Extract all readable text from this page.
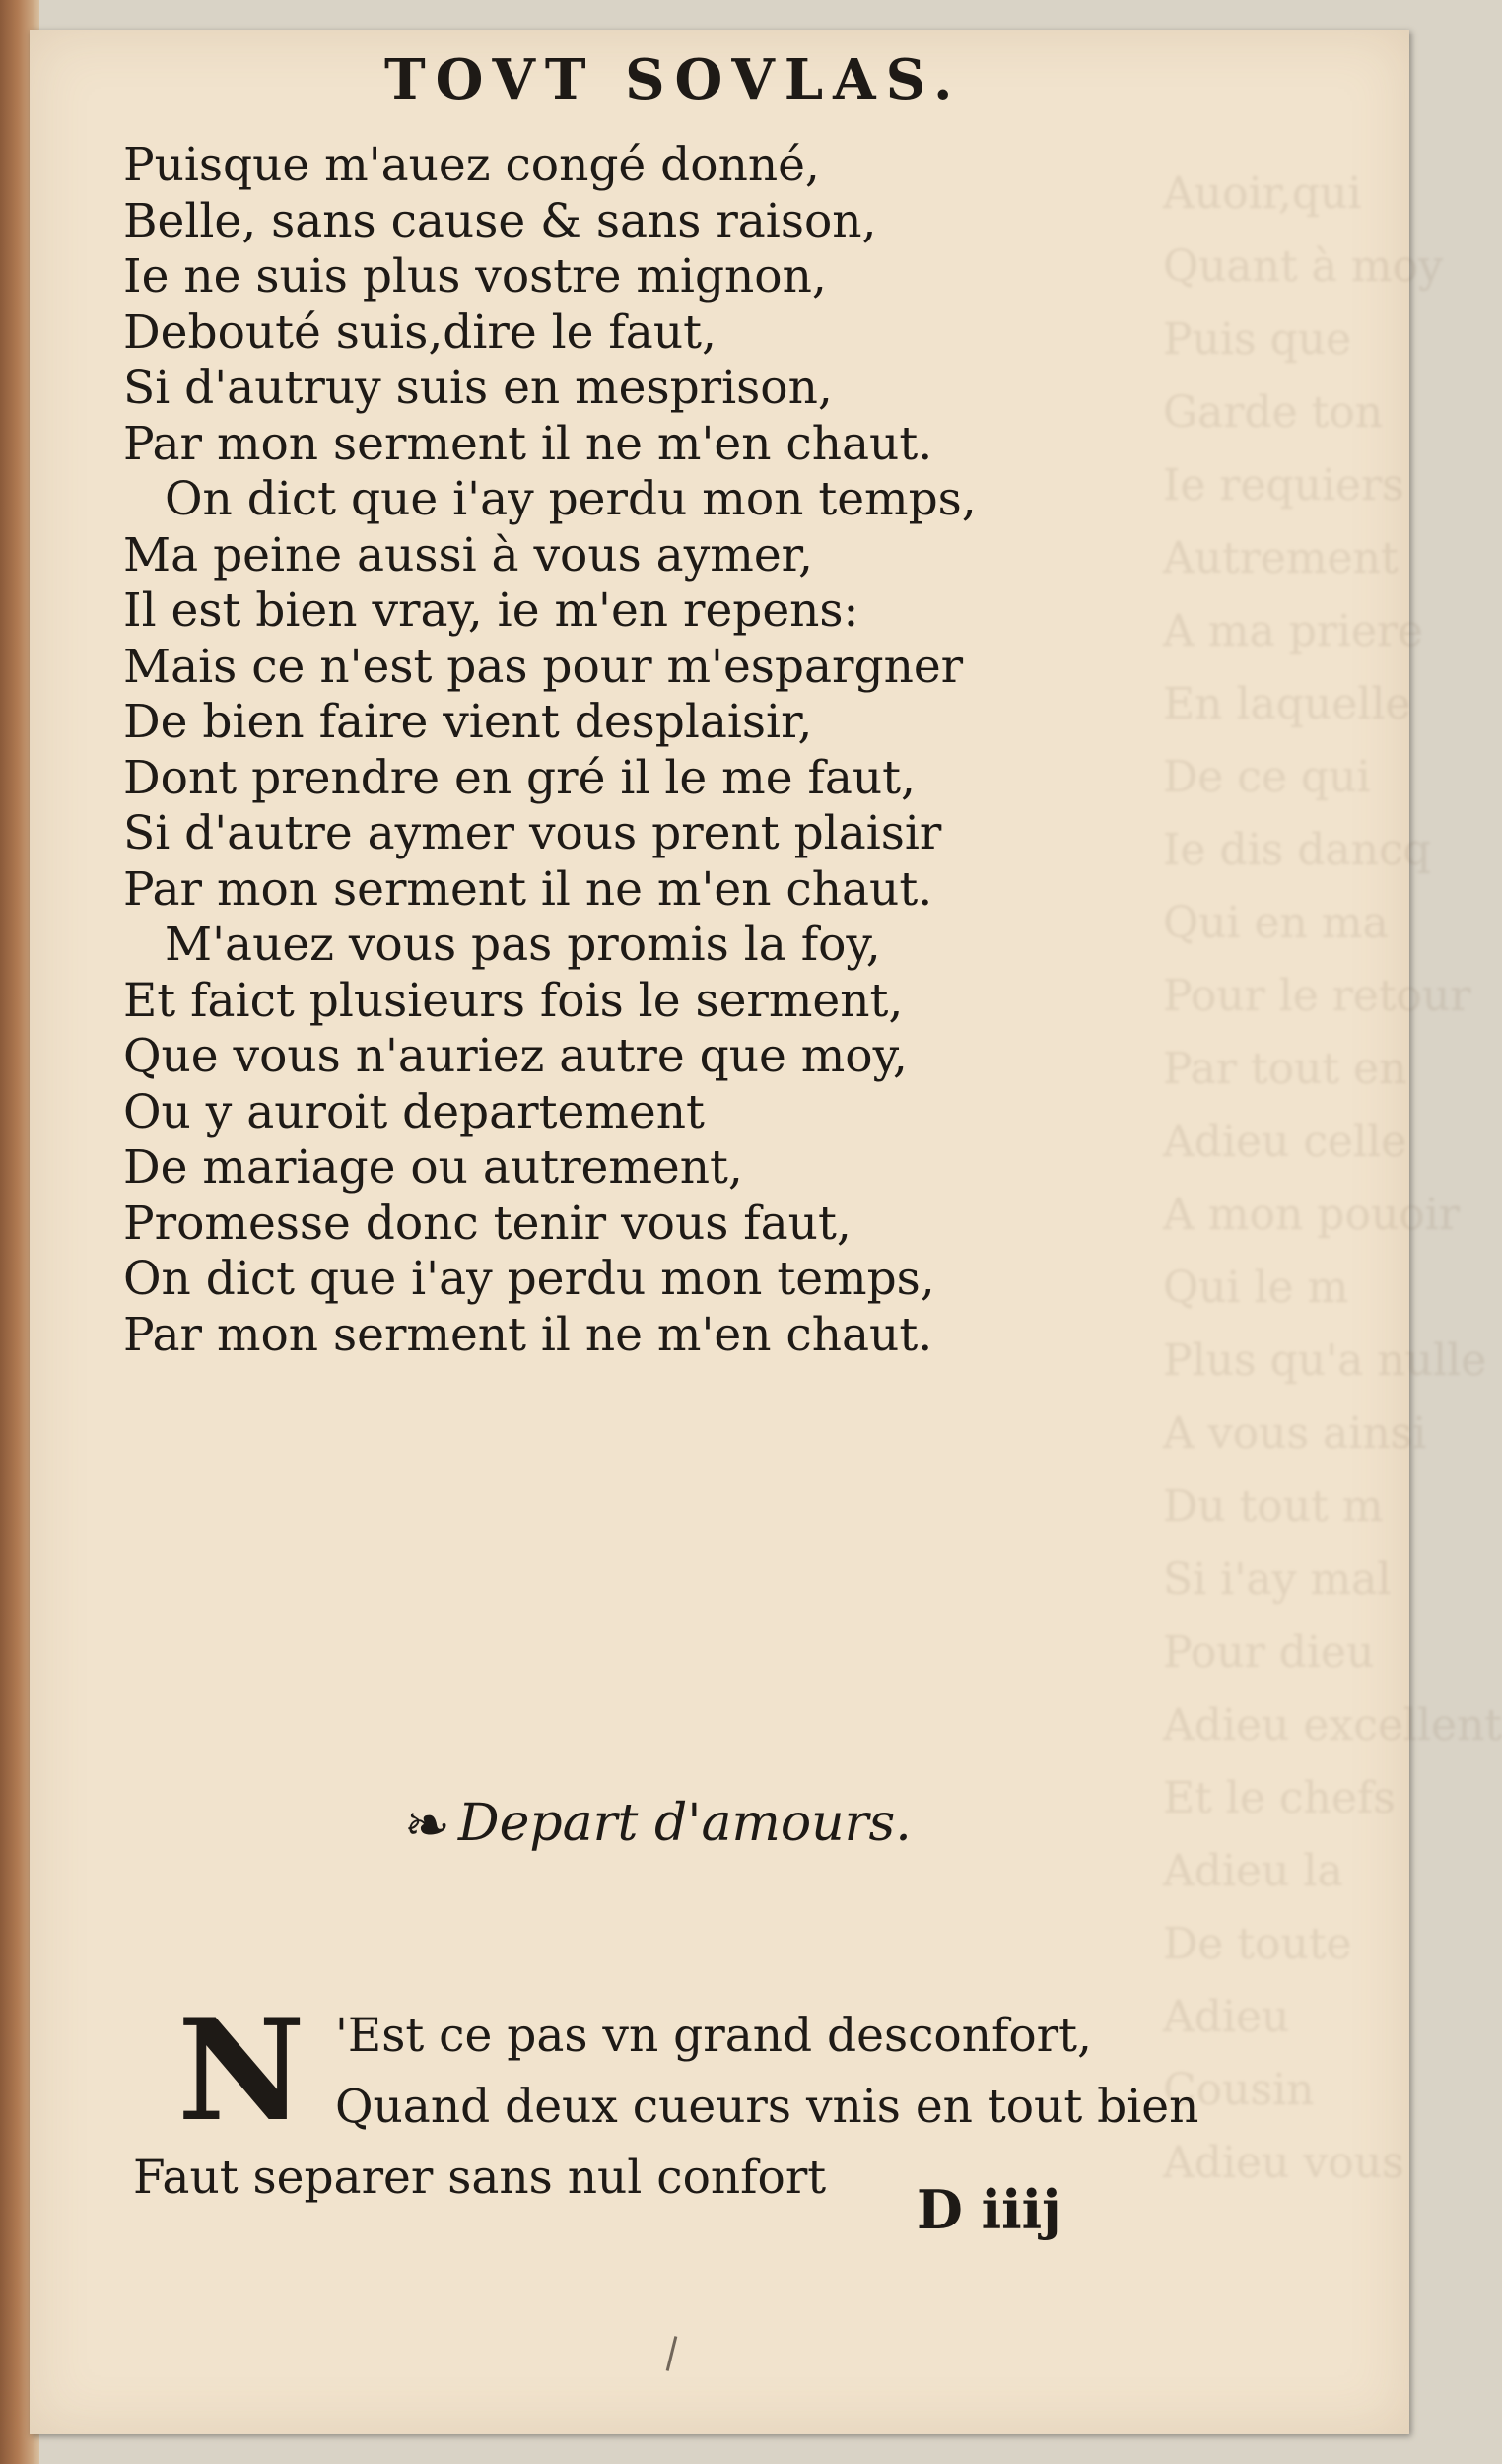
Auoir,qui
Quant à moy
Puis que
Garde ton
Ie requiers
Autrement
A ma priere
En laquelle
De ce qui
Ie dis dancq
Qui en ma
Pour le retour
Par tout en
Adieu celle
A mon pouoir
Qui le m
Plus qu'a nulle
A vous ainsi
Du tout m
Si i'ay mal
Pour dieu
Adieu excellent
Et le chefs
Adieu la
De toute
Adieu
Cousin
Adieu vous
TOVT SOVLAS.
Puisque m'auez congé donné,
Belle, sans cause & sans raison,
Ie ne suis plus vostre mignon,
Debouté suis,dire le faut,
Si d'autruy suis en mesprison,
Par mon serment il ne m'en chaut.
On dict que i'ay perdu mon temps,
Ma peine aussi à vous aymer,
Il est bien vray, ie m'en repens:
Mais ce n'est pas pour m'espargner
De bien faire vient desplaisir,
Dont prendre en gré il le me faut,
Si d'autre aymer vous prent plaisir
Par mon serment il ne m'en chaut.
M'auez vous pas promis la foy,
Et faict plusieurs fois le serment,
Que vous n'auriez autre que moy,
Ou y auroit departement
De mariage ou autrement,
Promesse donc tenir vous faut,
On dict que i'ay perdu mon temps,
Par mon serment il ne m'en chaut.
❧ Depart d'amours.
N 'Est ce pas vn grand desconfort,
Quand deux cueurs vnis en tout bien
Faut separer sans nul confort
D iiij
